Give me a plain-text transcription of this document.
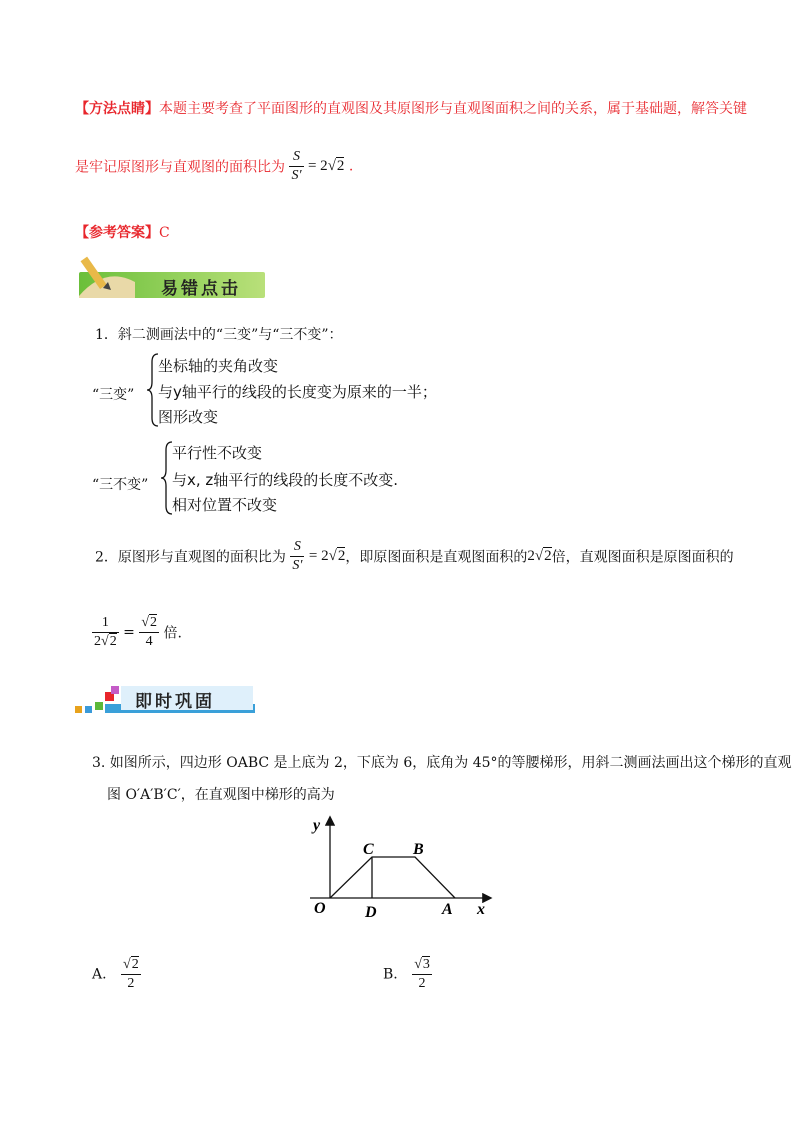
【方法点睛】本题主要考查了平面图形的直观图及其原图形与直观图面积之间的关系，属于基础题，解答关键
是牢记原图形与直观图的面积比为 $\frac{S}{S'} = 2√2$ .
【参考答案】C
易错点击
1．斜二测画法中的“三变”与“三不变”：
“三变”
坐标轴的夹角改变
与y轴平行的线段的长度变为原来的一半；
图形改变
“三不变”
平行性不改变
与x, z轴平行的线段的长度不改变.
相对位置不改变
2．原图形与直观图的面积比为 $\frac{S}{S'} = 2√2$，即原图面积是直观图面积的2√2倍，直观图面积是原图面积的
$\frac{1}{2√2} = \frac{√2}{4}$ 倍.
即时巩固
3. 如图所示，四边形 OABC 是上底为 2，下底为 6，底角为 45°的等腰梯形，用斜二测画法画出这个梯形的直观
图 O′A′B′C′，在直观图中梯形的高为
y
x
O
C B
D	A
A. $\frac{√2}{2}$	B. $\frac{√3}{2}$
